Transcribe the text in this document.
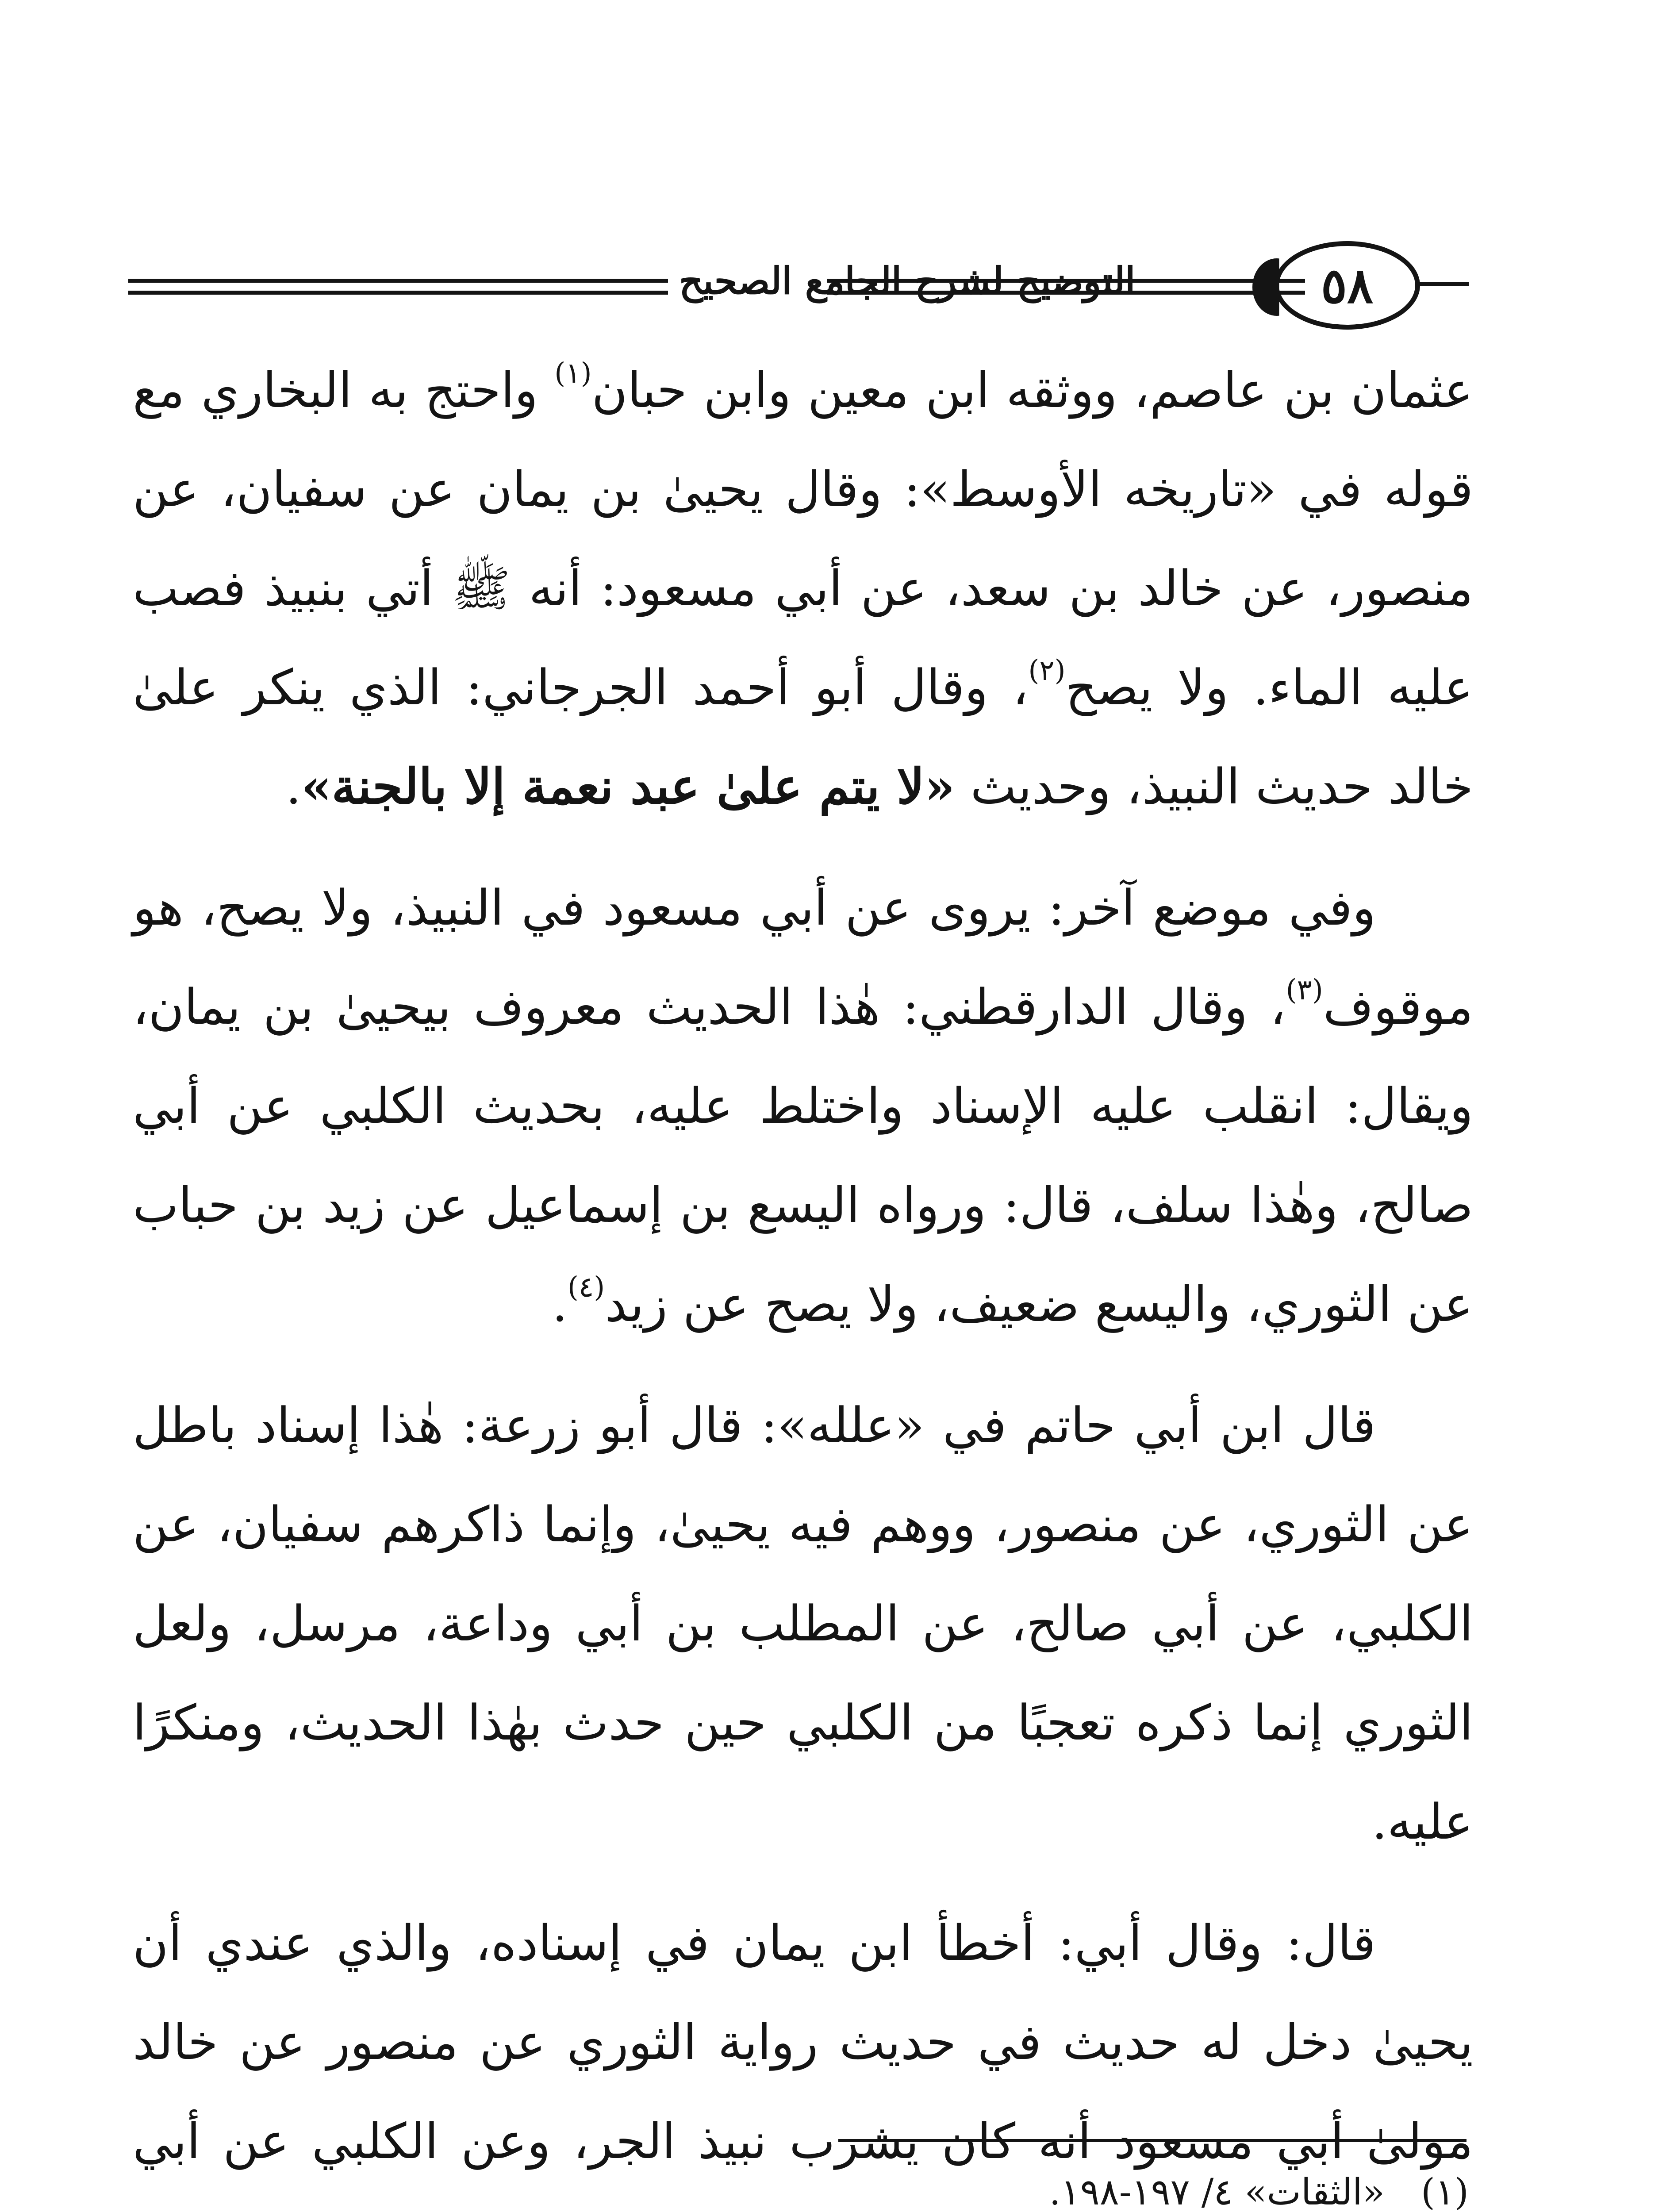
٥٨
التوضيح لشرح الجامع الصحيح

عثمان بن عاصم، ووثقه ابن معين وابن حبان$^{(١)}$ واحتج به البخاري مع قوله في «تاريخه الأوسط»: وقال يحيىٰ بن يمان عن سفيان، عن منصور، عن خالد بن سعد، عن أبي مسعود: أنه ﷺ أتي بنبيذ فصب عليه الماء. ولا يصح$^{(٢)}$، وقال أبو أحمد الجرجاني: الذي ينكر علىٰ خالد حديث النبيذ، وحديث «لا يتم علىٰ عبد نعمة إلا بالجنة».

وفي موضع آخر: يروى عن أبي مسعود في النبيذ، ولا يصح، هو موقوف$^{(٣)}$، وقال الدارقطني: هٰذا الحديث معروف بيحيىٰ بن يمان، ويقال: انقلب عليه الإسناد واختلط عليه، بحديث الكلبي عن أبي صالح، وهٰذا سلف، قال: ورواه اليسع بن إسماعيل عن زيد بن حباب عن الثوري، واليسع ضعيف، ولا يصح عن زيد$^{(٤)}$.

قال ابن أبي حاتم في «علله»: قال أبو زرعة: هٰذا إسناد باطل عن الثوري، عن منصور، ووهم فيه يحيىٰ، وإنما ذاكرهم سفيان، عن الكلبي، عن أبي صالح، عن المطلب بن أبي وداعة، مرسل، ولعل الثوري إنما ذكره تعجبًا من الكلبي حين حدث بهٰذا الحديث، ومنكرًا عليه.

قال: وقال أبي: أخطأ ابن يمان في إسناده، والذي عندي أن يحيىٰ دخل له حديث في حديث رواية الثوري عن منصور عن خالد مولىٰ أبي مسعود أنه كان يشرب نبيذ الجر، وعن الكلبي عن أبي

(١)
«الثقات» ٤/ ١٩٧-١٩٨.
